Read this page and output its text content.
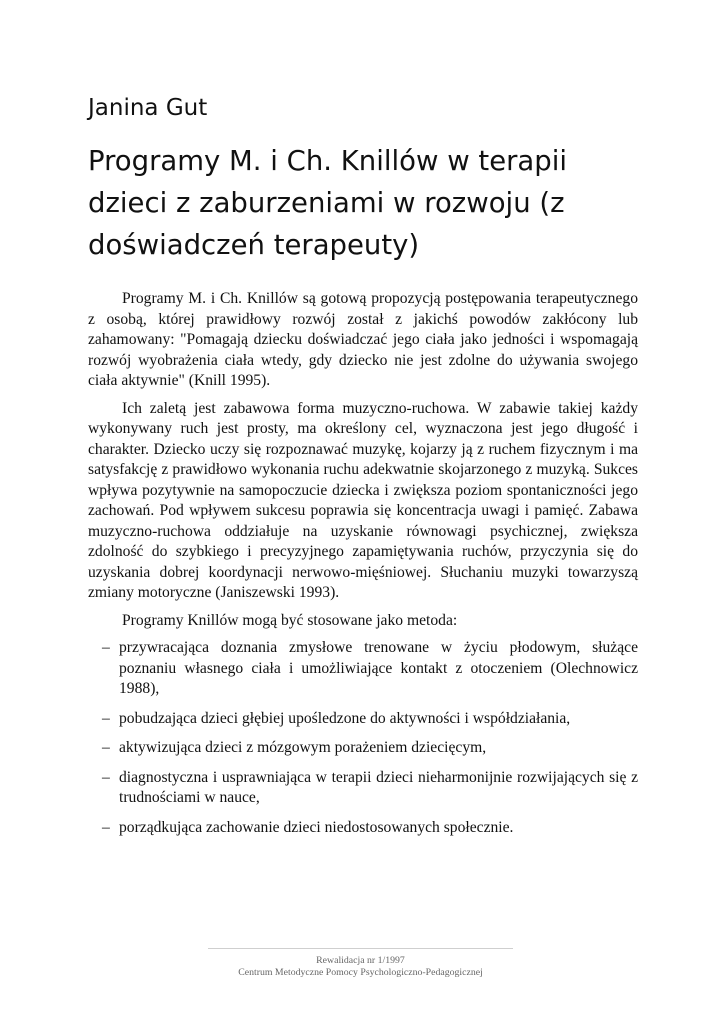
Janina Gut
Programy M. i Ch. Knillów w terapii dzieci z zaburzeniami w rozwoju (z doświadczeń terapeuty)

Programy M. i Ch. Knillów są gotową propozycją postępowania terapeutycznego z osobą, której prawidłowy rozwój został z jakichś powodów zakłócony lub zahamowany: "Pomagają dziecku doświadczać jego ciała jako jedności i wspomagają rozwój wyobrażenia ciała wtedy, gdy dziecko nie jest zdolne do używania swojego ciała aktywnie" (Knill 1995).

Ich zaletą jest zabawowa forma muzyczno-ruchowa. W zabawie takiej każdy wykonywany ruch jest prosty, ma określony cel, wyznaczona jest jego długość i charakter. Dziecko uczy się rozpoznawać muzykę, kojarzy ją z ruchem fizycznym i ma satysfakcję z prawidłowo wykonania ruchu adekwatnie skojarzonego z muzyką. Sukces wpływa pozytywnie na samopoczucie dziecka i zwiększa poziom spontaniczności jego zachowań. Pod wpływem sukcesu poprawia się koncentracja uwagi i pamięć. Zabawa muzyczno-ruchowa oddziałuje na uzyskanie równowagi psychicznej, zwiększa zdolność do szybkiego i precyzyjnego zapamiętywania ruchów, przyczynia się do uzyskania dobrej koordynacji nerwowo-mięśniowej. Słuchaniu muzyki towarzyszą zmiany motoryczne (Janiszewski 1993).

Programy Knillów mogą być stosowane jako metoda:

– przywracająca doznania zmysłowe trenowane w życiu płodowym, służące poznaniu własnego ciała i umożliwiające kontakt z otoczeniem (Olechnowicz 1988),
– pobudzająca dzieci głębiej upośledzone do aktywności i współdziałania,
– aktywizująca dzieci z mózgowym porażeniem dziecięcym,
– diagnostyczna i usprawniająca w terapii dzieci nieharmonijnie rozwijających się z trudnościami w nauce,
– porządkująca zachowanie dzieci niedostosowanych społecznie.
Rewalidacja nr 1/1997
Centrum Metodyczne Pomocy Psychologiczno-Pedagogicznej
